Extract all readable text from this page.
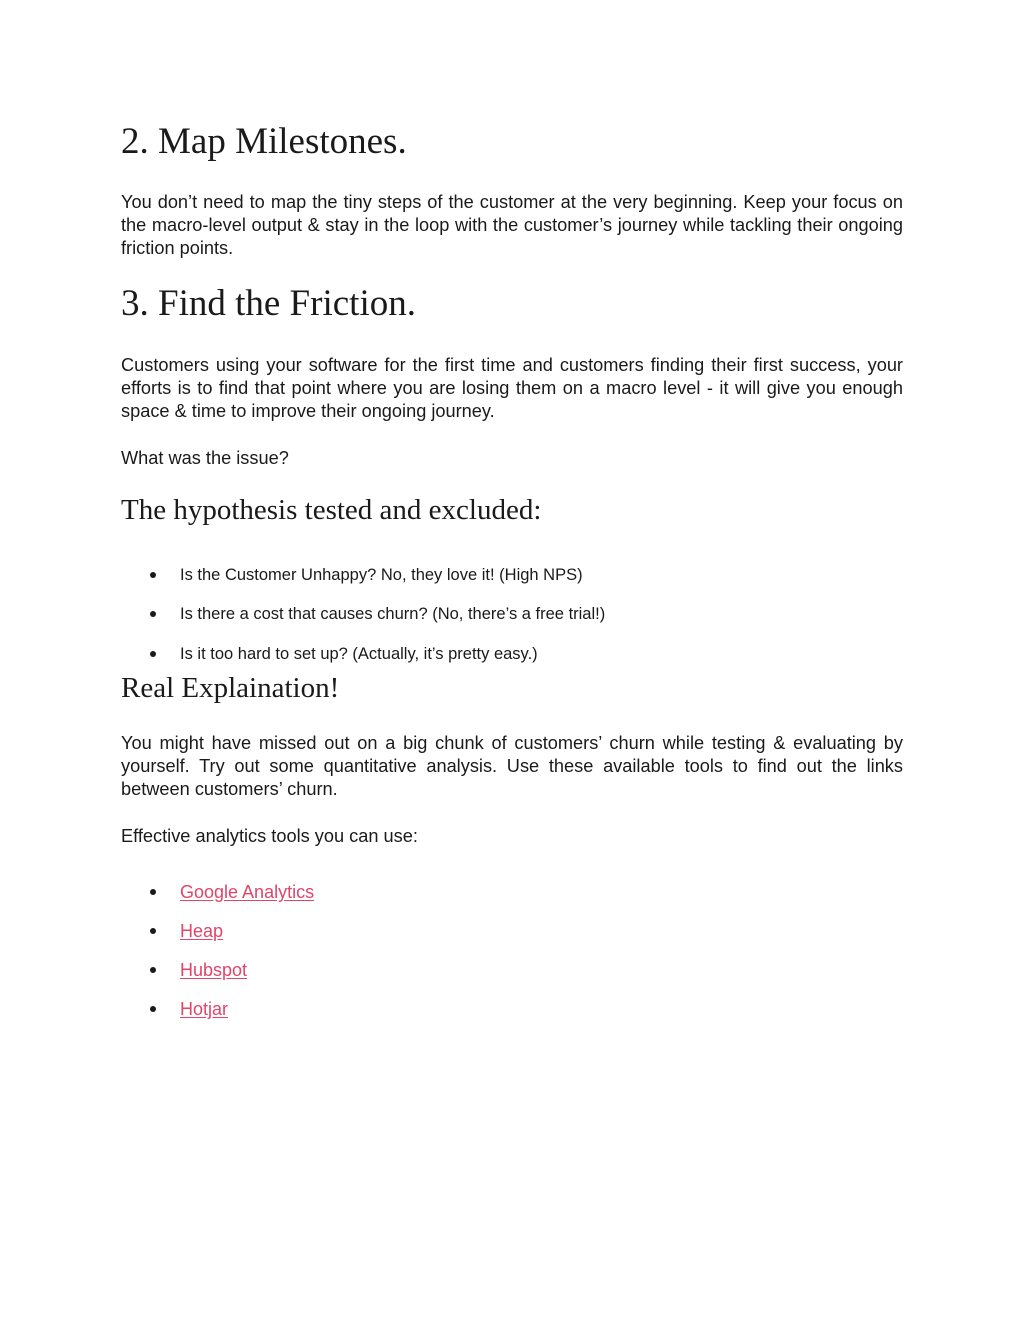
2. Map Milestones.

You don’t need to map the tiny steps of the customer at the very beginning. Keep your focus on the macro-level output & stay in the loop with the customer’s journey while tackling their ongoing friction points.

3. Find the Friction.

Customers using your software for the first time and customers finding their first success, your efforts is to find that point where you are losing them on a macro level - it will give you enough space & time to improve their ongoing journey.

What was the issue?

The hypothesis tested and excluded:
Is the Customer Unhappy? No, they love it! (High NPS)
Is there a cost that causes churn? (No, there’s a free trial!)
Is it too hard to set up? (Actually, it’s pretty easy.)
Real Explaination!

You might have missed out on a big chunk of customers’ churn while testing & evaluating by yourself. Try out some quantitative analysis. Use these available tools to find out the links between customers’ churn.

Effective analytics tools you can use:

Google Analytics
Heap
Hubspot
Hotjar
